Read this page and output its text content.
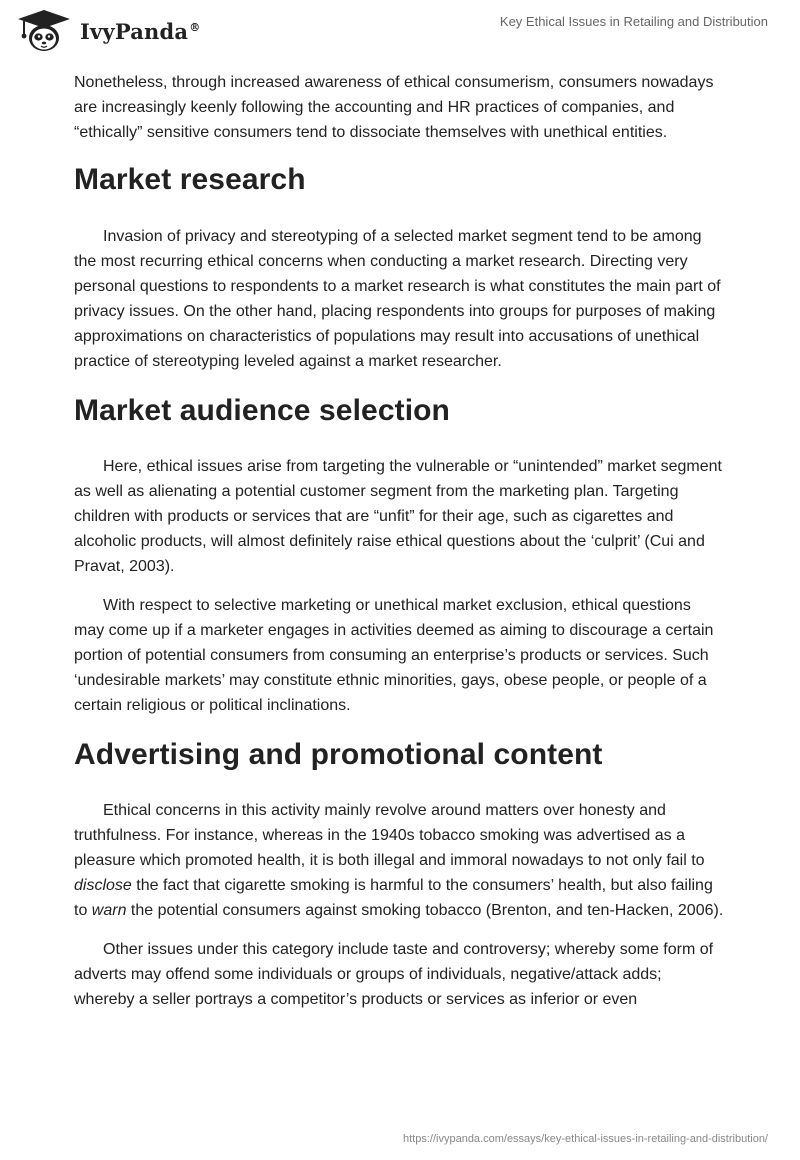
IvyPanda®	Key Ethical Issues in Retailing and Distribution

Nonetheless, through increased awareness of ethical consumerism, consumers nowadays are increasingly keenly following the accounting and HR practices of companies, and “ethically” sensitive consumers tend to dissociate themselves with unethical entities.

Market research

Invasion of privacy and stereotyping of a selected market segment tend to be among the most recurring ethical concerns when conducting a market research. Directing very personal questions to respondents to a market research is what constitutes the main part of privacy issues. On the other hand, placing respondents into groups for purposes of making approximations on characteristics of populations may result into accusations of unethical practice of stereotyping leveled against a market researcher.

Market audience selection

Here, ethical issues arise from targeting the vulnerable or “unintended” market segment as well as alienating a potential customer segment from the marketing plan. Targeting children with products or services that are “unfit” for their age, such as cigarettes and alcoholic products, will almost definitely raise ethical questions about the ‘culprit’ (Cui and Pravat, 2003).

With respect to selective marketing or unethical market exclusion, ethical questions may come up if a marketer engages in activities deemed as aiming to discourage a certain portion of potential consumers from consuming an enterprise’s products or services. Such ‘undesirable markets’ may constitute ethnic minorities, gays, obese people, or people of a certain religious or political inclinations.

Advertising and promotional content

Ethical concerns in this activity mainly revolve around matters over honesty and truthfulness. For instance, whereas in the 1940s tobacco smoking was advertised as a pleasure which promoted health, it is both illegal and immoral nowadays to not only fail to disclose the fact that cigarette smoking is harmful to the consumers’ health, but also failing to warn the potential consumers against smoking tobacco (Brenton, and ten-Hacken, 2006).

Other issues under this category include taste and controversy; whereby some form of adverts may offend some individuals or groups of individuals, negative/attack adds; whereby a seller portrays a competitor’s products or services as inferior or even

https://ivypanda.com/essays/key-ethical-issues-in-retailing-and-distribution/
